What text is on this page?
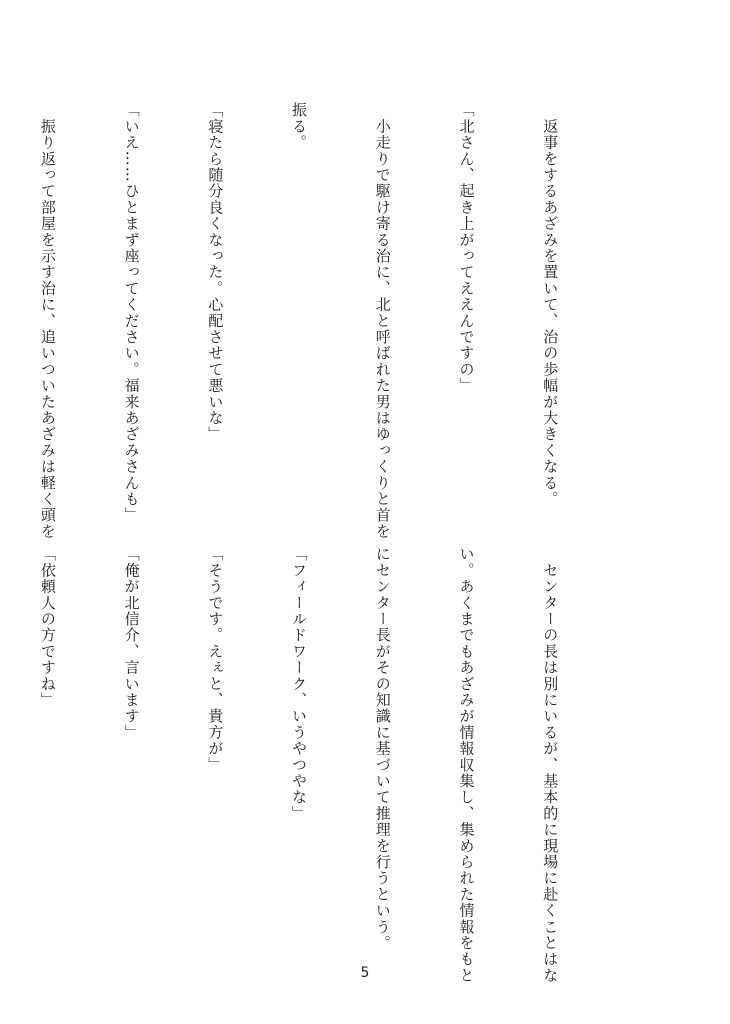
　返事をするあざみを置いて、治の歩幅が大きくなる。

「北さん、起き上がってええんですの」

　小走りで駆け寄る治に、北と呼ばれた男はゆっくりと首を

振る。

「寝たら随分良くなった。心配させて悪いな」

「いえ……ひとまず座ってください。福来あざみさんも」

　振り返って部屋を示す治に、追いついたあざみは軽く頭を

　センターの長は別にいるが、基本的に現場に赴くことはな

い。あくまでもあざみが情報収集し、集められた情報をもと

にセンター長がその知識に基づいて推理を行うという。

「フィールドワーク、いうやつやな」

「そうです。えぇと、貴方が」

「俺が北信介、言います」

「依頼人の方ですね」

5
